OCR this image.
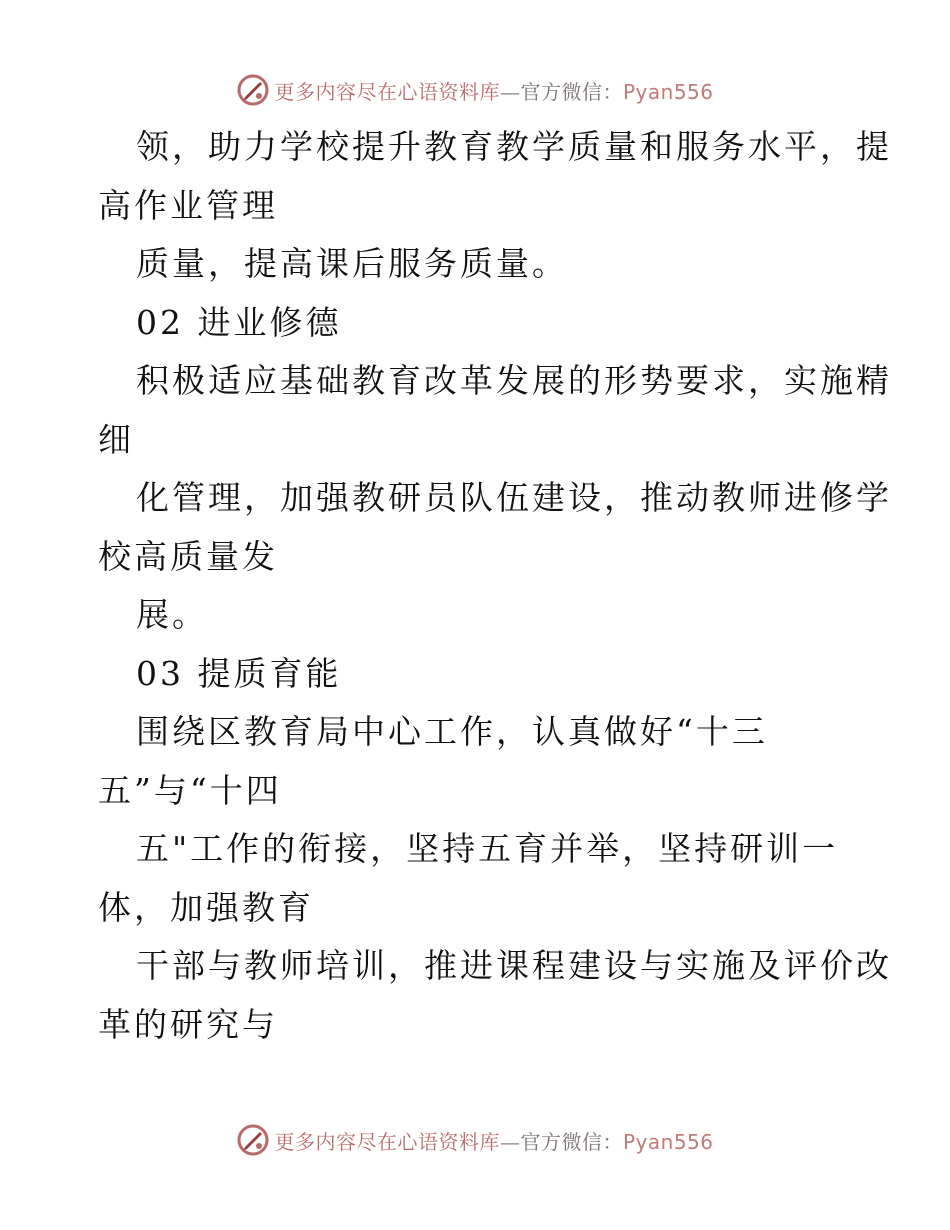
更多内容尽在心语资料库—官方微信：Pyan556
领，助力学校提升教育教学质量和服务水平，提
高作业管理
质量，提高课后服务质量。
02 进业修德
积极适应基础教育改革发展的形势要求，实施精
细
化管理，加强教研员队伍建设，推动教师进修学
校高质量发
展。
03 提质育能
围绕区教育局中心工作，认真做好“十三
五”与“十四
五"工作的衔接，坚持五育并举，坚持研训一
体，加强教育
干部与教师培训，推进课程建设与实施及评价改
革的研究与
更多内容尽在心语资料库—官方微信：Pyan556
